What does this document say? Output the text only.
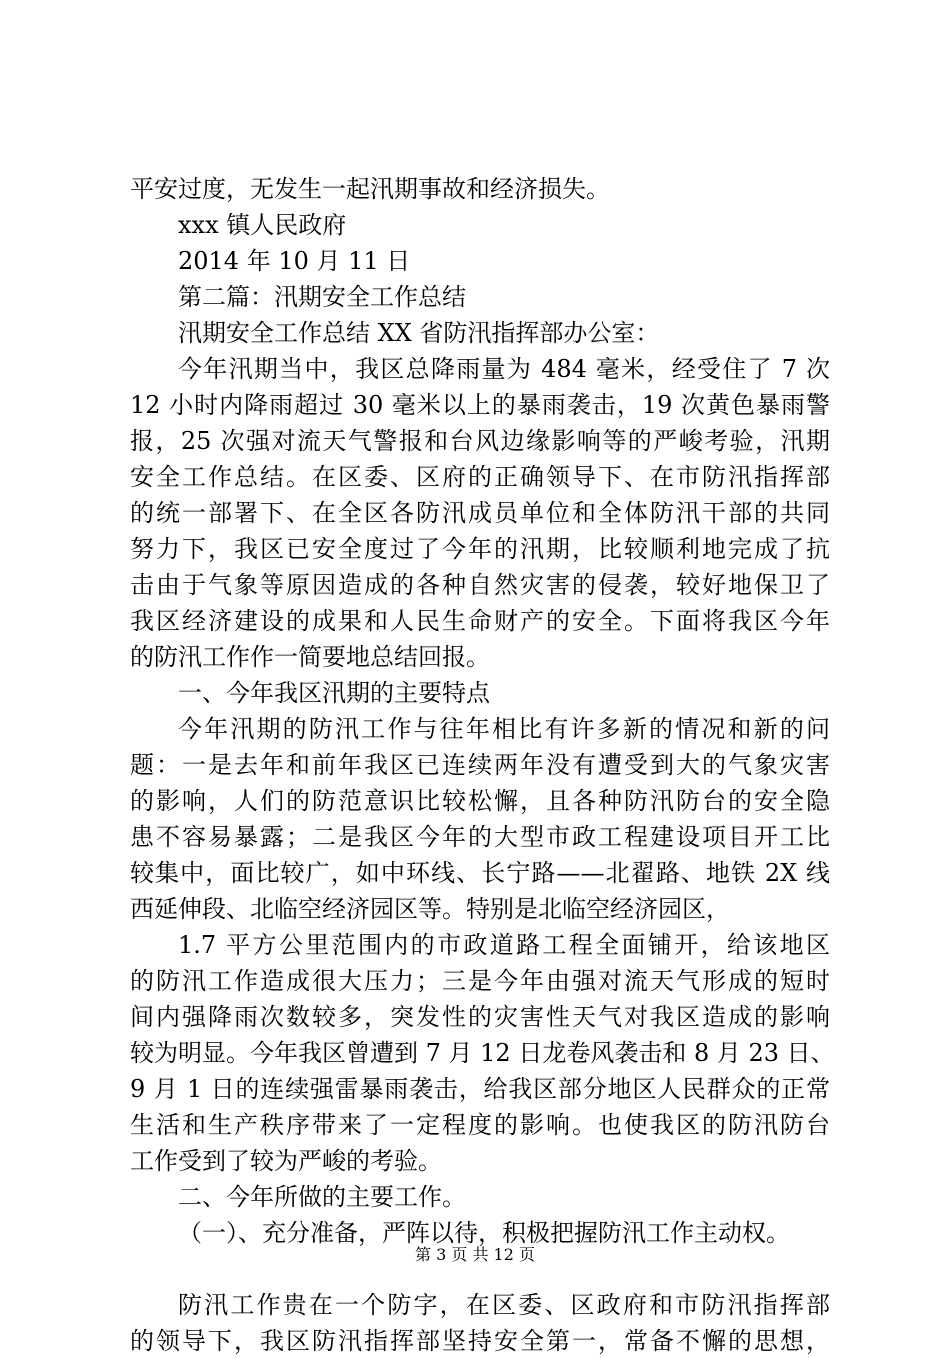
平安过度，无发生一起汛期事故和经济损失。
xxx 镇人民政府
2014 年 10 月 11 日
第二篇：汛期安全工作总结
汛期安全工作总结 XX 省防汛指挥部办公室：
今年汛期当中，我区总降雨量为 484 毫米，经受住了 7 次
12 小时内降雨超过 30 毫米以上的暴雨袭击，19 次黄色暴雨警
报，25 次强对流天气警报和台风边缘影响等的严峻考验，汛期
安全工作总结。在区委、区府的正确领导下、在市防汛指挥部
的统一部署下、在全区各防汛成员单位和全体防汛干部的共同
努力下，我区已安全度过了今年的汛期，比较顺利地完成了抗
击由于气象等原因造成的各种自然灾害的侵袭，较好地保卫了
我区经济建设的成果和人民生命财产的安全。下面将我区今年
的防汛工作作一简要地总结回报。
一、今年我区汛期的主要特点
今年汛期的防汛工作与往年相比有许多新的情况和新的问
题：一是去年和前年我区已连续两年没有遭受到大的气象灾害
的影响，人们的防范意识比较松懈，且各种防汛防台的安全隐
患不容易暴露；二是我区今年的大型市政工程建设项目开工比
较集中，面比较广，如中环线、长宁路——北翟路、地铁 2X 线
西延伸段、北临空经济园区等。特别是北临空经济园区，
1.7 平方公里范围内的市政道路工程全面铺开，给该地区
的防汛工作造成很大压力；三是今年由强对流天气形成的短时
间内强降雨次数较多，突发性的灾害性天气对我区造成的影响
较为明显。今年我区曾遭到 7 月 12 日龙卷风袭击和 8 月 23 日、
9 月 1 日的连续强雷暴雨袭击，给我区部分地区人民群众的正常
生活和生产秩序带来了一定程度的影响。也使我区的防汛防台
工作受到了较为严峻的考验。
二、今年所做的主要工作。
（一）、充分准备，严阵以待，积极把握防汛工作主动权。
防汛工作贵在一个防字，在区委、区政府和市防汛指挥部
的领导下，我区防汛指挥部坚持安全第一，常备不懈的思想，
第 3 页 共 12 页
